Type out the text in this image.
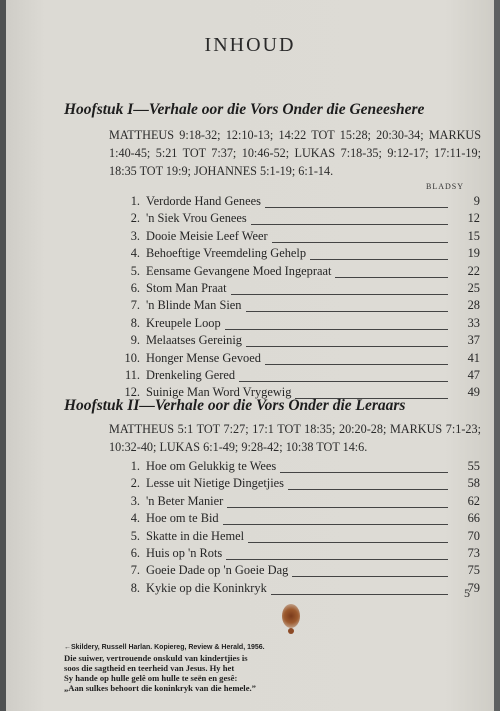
INHOUD
Hoofstuk I—Verhale oor die Vors Onder die Geneeshere
MATTHEUS 9:18-32; 12:10-13; 14:22 TOT 15:28; 20:30-34; MARKUS 1:40-45; 5:21 TOT 7:37; 10:46-52; LUKAS 7:18-35; 9:12-17; 17:11-19; 18:35 TOT 19:9; JOHANNES 5:1-19; 6:1-14.
BLADSY
1. Verdorde Hand Genees	9
2. 'n Siek Vrou Genees	12
3. Dooie Meisie Leef Weer	15
4. Behoeftige Vreemdeling Gehelp	19
5. Eensame Gevangene Moed Ingepraat	22
6. Stom Man Praat	25
7. 'n Blinde Man Sien	28
8. Kreupele Loop	33
9. Melaatses Gereinig	37
10. Honger Mense Gevoed	41
11. Drenkeling Gered	47
12. Suinige Man Word Vrygewig	49
Hoofstuk II—Verhale oor die Vors Onder die Leraars
MATTHEUS 5:1 TOT 7:27; 17:1 TOT 18:35; 20:20-28; MARKUS 7:1-23; 10:32-40; LUKAS 6:1-49; 9:28-42; 10:38 TOT 14:6.
1. Hoe om Gelukkig te Wees	55
2. Lesse uit Nietige Dingetjies	58
3. 'n Beter Manier	62
4. Hoe om te Bid	66
5. Skatte in die Hemel	70
6. Huis op 'n Rots	73
7. Goeie Dade op 'n Goeie Dag	75
8. Kykie op die Koninkryk	79
5
←Skildery, Russell Harlan. Kopiereg, Review & Herald, 1956.
Die suiwer, vertrouende onskuld van kindertjies is
soos die sagtheid en teerheid van Jesus. Hy het
Sy hande op hulle gelê om hulle te seën en gesê:
„Aan sulkes behoort die koninkryk van die hemele.”
